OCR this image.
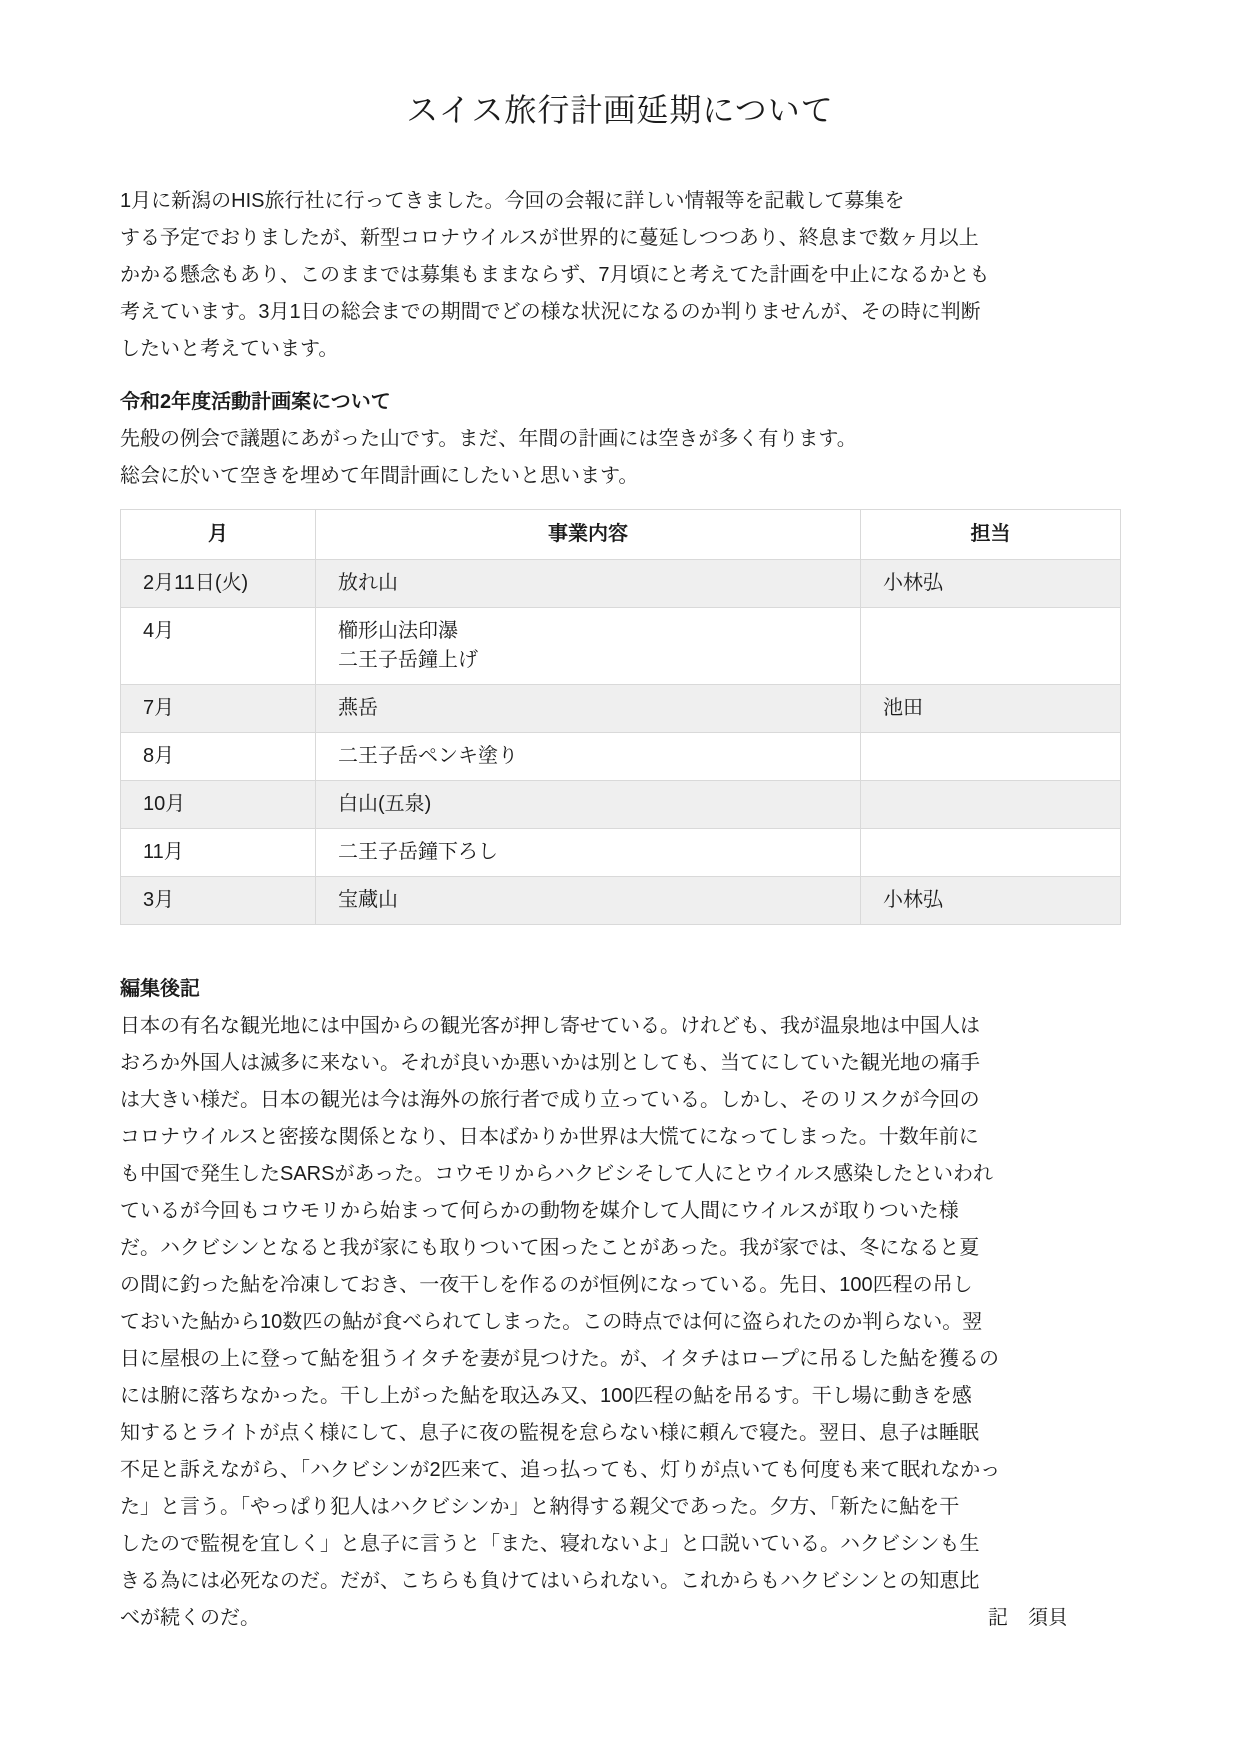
スイス旅行計画延期について

1月に新潟のHIS旅行社に行ってきました。今回の会報に詳しい情報等を記載して募集を
する予定でおりましたが、新型コロナウイルスが世界的に蔓延しつつあり、終息まで数ヶ月以上
かかる懸念もあり、このままでは募集もままならず、7月頃にと考えてた計画を中止になるかとも
考えています。3月1日の総会までの期間でどの様な状況になるのか判りませんが、その時に判断
したいと考えています。

令和2年度活動計画案について

先般の例会で議題にあがった山です。まだ、年間の計画には空きが多く有ります。
総会に於いて空きを埋めて年間計画にしたいと思います。

月	事業内容	担当
2月11日(火)	放れ山	小林弘
4月	櫛形山法印瀑
二王子岳鐘上げ	

7月	燕岳	池田
8月	二王子岳ペンキ塗り	
10月	白山(五泉)	
11月	二王子岳鐘下ろし	
3月	宝蔵山	小林弘
編集後記

日本の有名な観光地には中国からの観光客が押し寄せている。けれども、我が温泉地は中国人は
おろか外国人は滅多に来ない。それが良いか悪いかは別としても、当てにしていた観光地の痛手
は大きい様だ。日本の観光は今は海外の旅行者で成り立っている。しかし、そのリスクが今回の
コロナウイルスと密接な関係となり、日本ばかりか世界は大慌てになってしまった。十数年前に
も中国で発生したSARSがあった。コウモリからハクビシそして人にとウイルス感染したといわれ
ているが今回もコウモリから始まって何らかの動物を媒介して人間にウイルスが取りついた様
だ。ハクビシンとなると我が家にも取りついて困ったことがあった。我が家では、冬になると夏
の間に釣った鮎を冷凍しておき、一夜干しを作るのが恒例になっている。先日、100匹程の吊し
ておいた鮎から10数匹の鮎が食べられてしまった。この時点では何に盗られたのか判らない。翌
日に屋根の上に登って鮎を狙うイタチを妻が見つけた。が、イタチはロープに吊るした鮎を獲るの
には腑に落ちなかった。干し上がった鮎を取込み又、100匹程の鮎を吊るす。干し場に動きを感
知するとライトが点く様にして、息子に夜の監視を怠らない様に頼んで寝た。翌日、息子は睡眠
不足と訴えながら、「ハクビシンが2匹来て、追っ払っても、灯りが点いても何度も来て眠れなかっ
た」と言う。「やっぱり犯人はハクビシンか」と納得する親父であった。夕方、「新たに鮎を干
したので監視を宜しく」と息子に言うと「また、寝れないよ」と口説いている。ハクビシンも生
きる為には必死なのだ。だが、こちらも負けてはいられない。これからもハクビシンとの知恵比

べが続くのだ。	記　須貝
